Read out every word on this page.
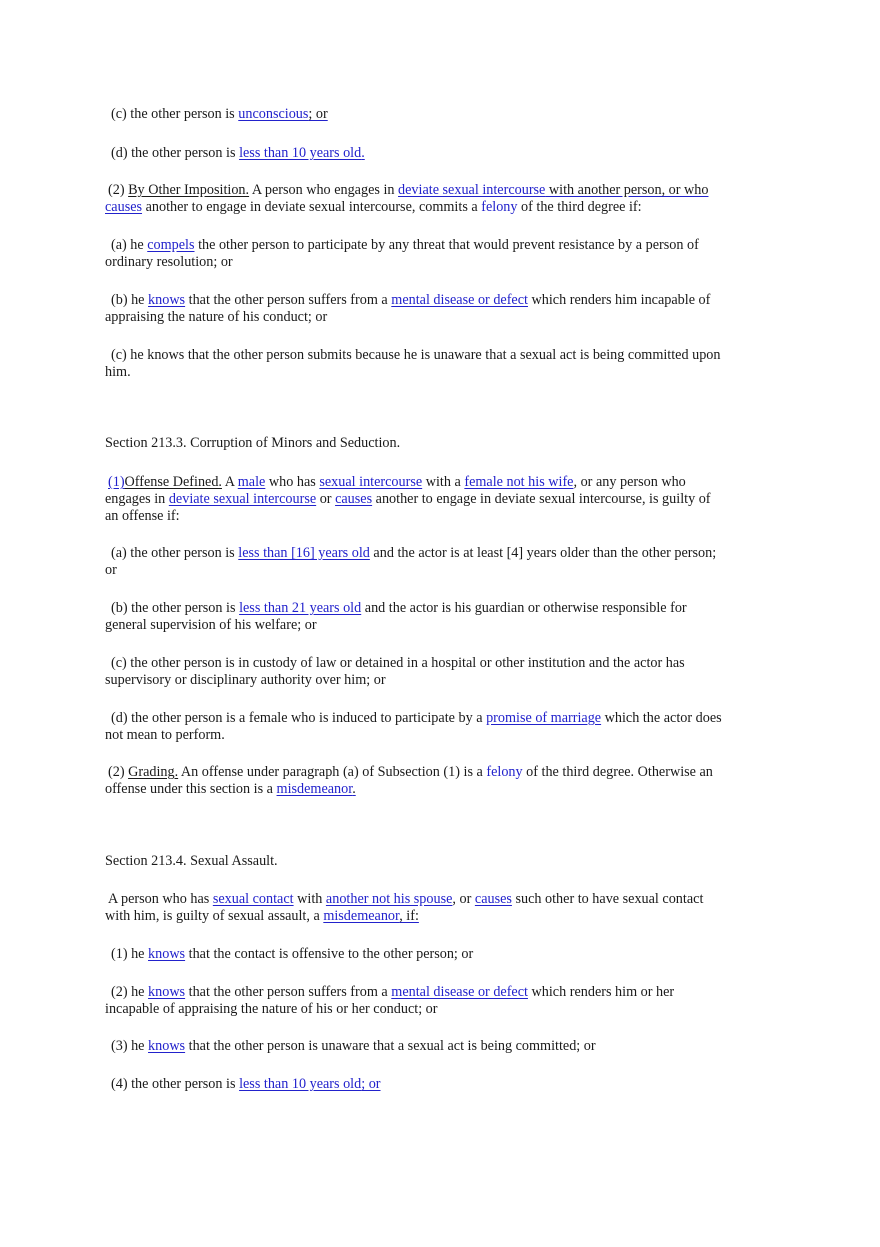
(c) the other person is unconscious; or

(d) the other person is less than 10 years old.

(2) By Other Imposition. A person who engages in deviate sexual intercourse with another person, or who causes another to engage in deviate sexual intercourse, commits a felony of the third degree if:

(a) he compels the other person to participate by any threat that would prevent resistance by a person of ordinary resolution; or

(b) he knows that the other person suffers from a mental disease or defect which renders him incapable of appraising the nature of his conduct; or

(c) he knows that the other person submits because he is unaware that a sexual act is being committed upon him.

Section 213.3. Corruption of Minors and Seduction.

(1)Offense Defined. A male who has sexual intercourse with a female not his wife, or any person who engages in deviate sexual intercourse or causes another to engage in deviate sexual intercourse, is guilty of an offense if:

(a) the other person is less than [16] years old and the actor is at least [4] years older than the other person; or

(b) the other person is less than 21 years old and the actor is his guardian or otherwise responsible for general supervision of his welfare; or

(c) the other person is in custody of law or detained in a hospital or other institution and the actor has supervisory or disciplinary authority over him; or

(d) the other person is a female who is induced to participate by a promise of marriage which the actor does not mean to perform.

(2) Grading. An offense under paragraph (a) of Subsection (1) is a felony of the third degree. Otherwise an offense under this section is a misdemeanor.

Section 213.4. Sexual Assault.

A person who has sexual contact with another not his spouse, or causes such other to have sexual contact with him, is guilty of sexual assault, a misdemeanor, if:

(1) he knows that the contact is offensive to the other person; or

(2) he knows that the other person suffers from a mental disease or defect which renders him or her incapable of appraising the nature of his or her conduct; or

(3) he knows that the other person is unaware that a sexual act is being committed; or

(4) the other person is less than 10 years old; or
